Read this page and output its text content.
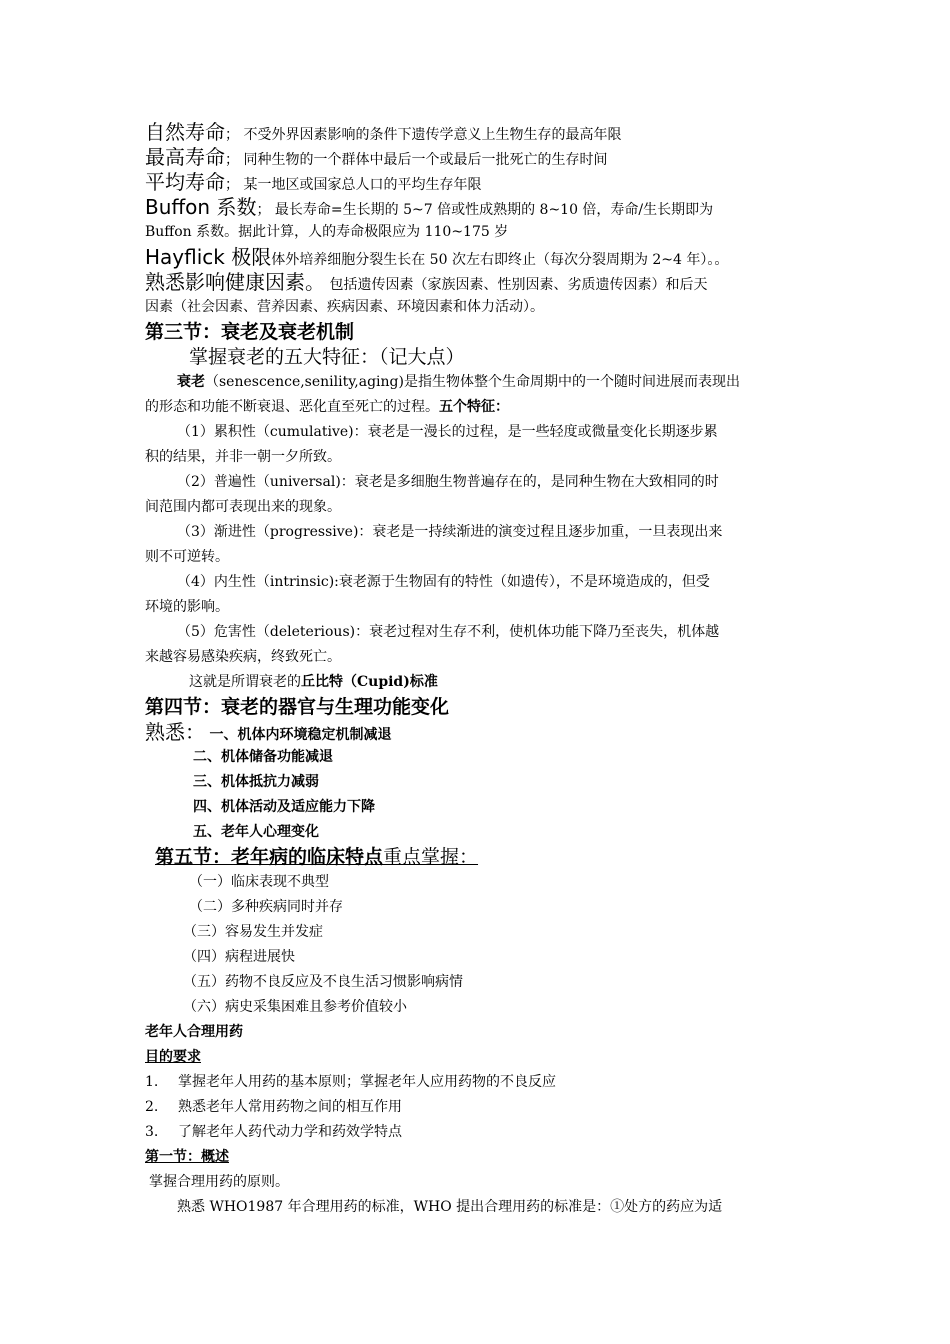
自然寿命； 不受外界因素影响的条件下遗传学意义上生物生存的最高年限
最高寿命； 同种生物的一个群体中最后一个或最后一批死亡的生存时间
平均寿命； 某一地区或国家总人口的平均生存年限
Buffon 系数； 最长寿命=生长期的 5~7 倍或性成熟期的 8~10 倍，寿命/生长期即为
Buffon 系数。据此计算，人的寿命极限应为 110~175 岁
Hayflick 极限体外培养细胞分裂生长在 50 次左右即终止（每次分裂周期为 2~4 年）。。
熟悉影响健康因素。 包括遗传因素（家族因素、性别因素、劣质遗传因素）和后天
因素（社会因素、营养因素、疾病因素、环境因素和体力活动）。
第三节：衰老及衰老机制
掌握衰老的五大特征：（记大点）
衰老（senescence,senility,aging)是指生物体整个生命周期中的一个随时间进展而表现出
的形态和功能不断衰退、恶化直至死亡的过程。五个特征：
（1）累积性（cumulative)：衰老是一漫长的过程，是一些轻度或微量变化长期逐步累
积的结果，并非一朝一夕所致。
（2）普遍性（universal)：衰老是多细胞生物普遍存在的，是同种生物在大致相同的时
间范围内都可表现出来的现象。
（3）渐进性（progressive)：衰老是一持续渐进的演变过程且逐步加重，一旦表现出来
则不可逆转。
（4）内生性（intrinsic):衰老源于生物固有的特性（如遗传），不是环境造成的，但受
环境的影响。
（5）危害性（deleterious)：衰老过程对生存不利，使机体功能下降乃至丧失，机体越
来越容易感染疾病，终致死亡。
这就是所谓衰老的丘比特（Cupid)标准
第四节：衰老的器官与生理功能变化
熟悉： 一、机体内环境稳定机制减退
二、机体储备功能减退
三、机体抵抗力减弱
四、机体活动及适应能力下降
五、老年人心理变化
第五节：老年病的临床特点重点掌握：
（一）临床表现不典型
（二）多种疾病同时并存
（三）容易发生并发症
（四）病程进展快
（五）药物不良反应及不良生活习惯影响病情
（六）病史采集困难且参考价值较小
老年人合理用药
目的要求
1. 掌握老年人用药的基本原则；掌握老年人应用药物的不良反应
2. 熟悉老年人常用药物之间的相互作用
3. 了解老年人药代动力学和药效学特点
第一节：概述
掌握合理用药的原则。
熟悉 WHO1987 年合理用药的标准，WHO 提出合理用药的标准是：①处方的药应为适
